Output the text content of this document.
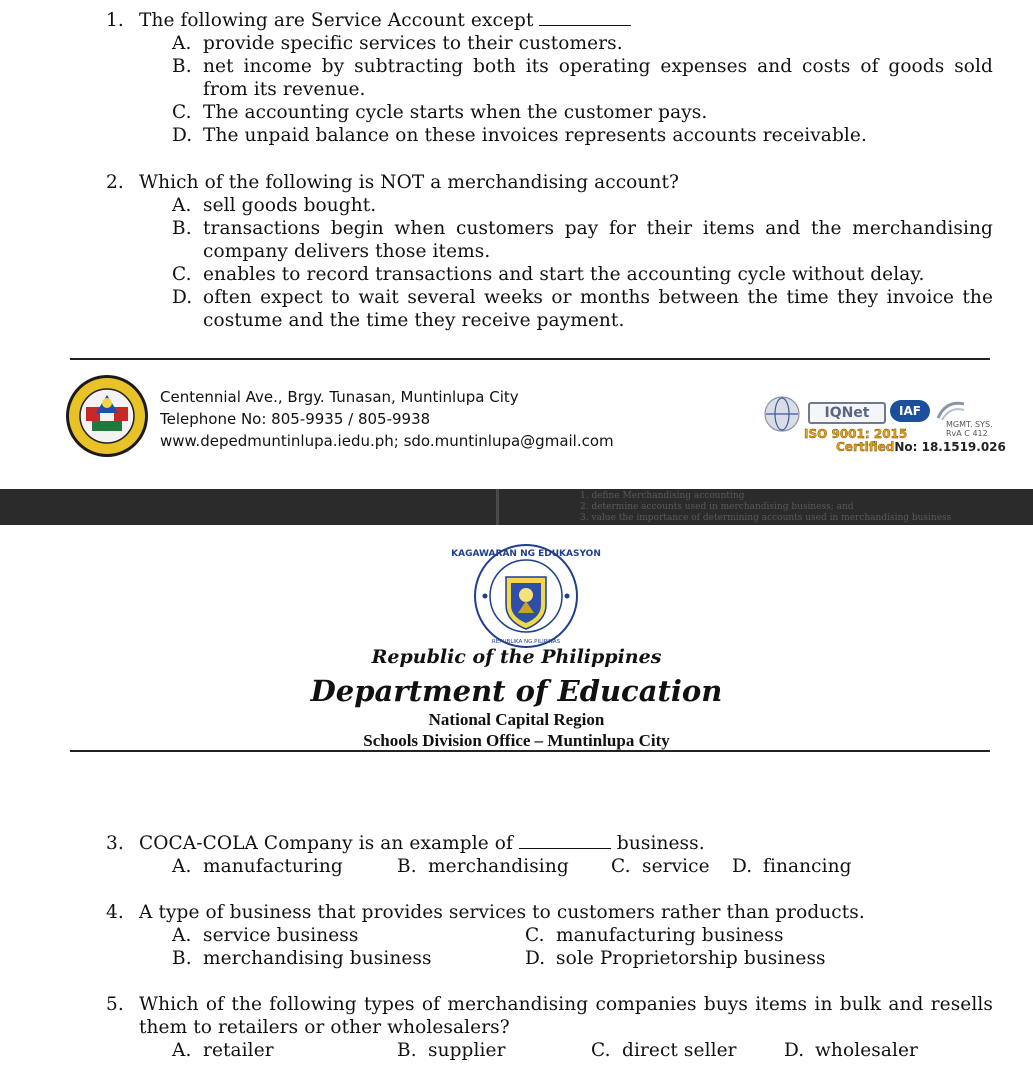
1. The following are Service Account except
A. provide specific services to their customers.
B. net income by subtracting both its operating expenses and costs of goods sold from its revenue.
C. The accounting cycle starts when the customer pays.
D. The unpaid balance on these invoices represents accounts receivable.
2. Which of the following is NOT a merchandising account?
A. sell goods bought.
B. transactions begin when customers pay for their items and the merchandising company delivers those items.
C. enables to record transactions and start the accounting cycle without delay.
D. often expect to wait several weeks or months between the time they invoice the costume and the time they receive payment.
Centennial Ave., Brgy. Tunasan, Muntinlupa City
Telephone No: 805-9935 / 805-9938
www.depedmuntinlupa.iedu.ph; sdo.muntinlupa@gmail.com
IQNet	IAF
MGMT. SYS.
RvA C 412
ISO 9001: 2015
CertifiedNo: 18.1519.026
1. define Merchandising accounting
2. determine accounts used in merchandising business; and
3. value the importance of determining accounts used in merchandising business
KAGAWARAN NG EDUKASYON
REPUBLIKA NG PILIPINAS
Republic of the Philippines
Department of Education
National Capital Region
Schools Division Office – Muntinlupa City
3. COCA-COLA Company is an example of	business.
A. manufacturing	B. merchandising C. service D. financing
4. A type of business that provides services to customers rather than products.
A. service business	C. manufacturing business
B. merchandising business	D. sole Proprietorship business
5. Which of the following types of merchandising companies buys items in bulk and resells them to retailers or other wholesalers?
A. retailer	B. supplier	C. direct seller	D. wholesaler
